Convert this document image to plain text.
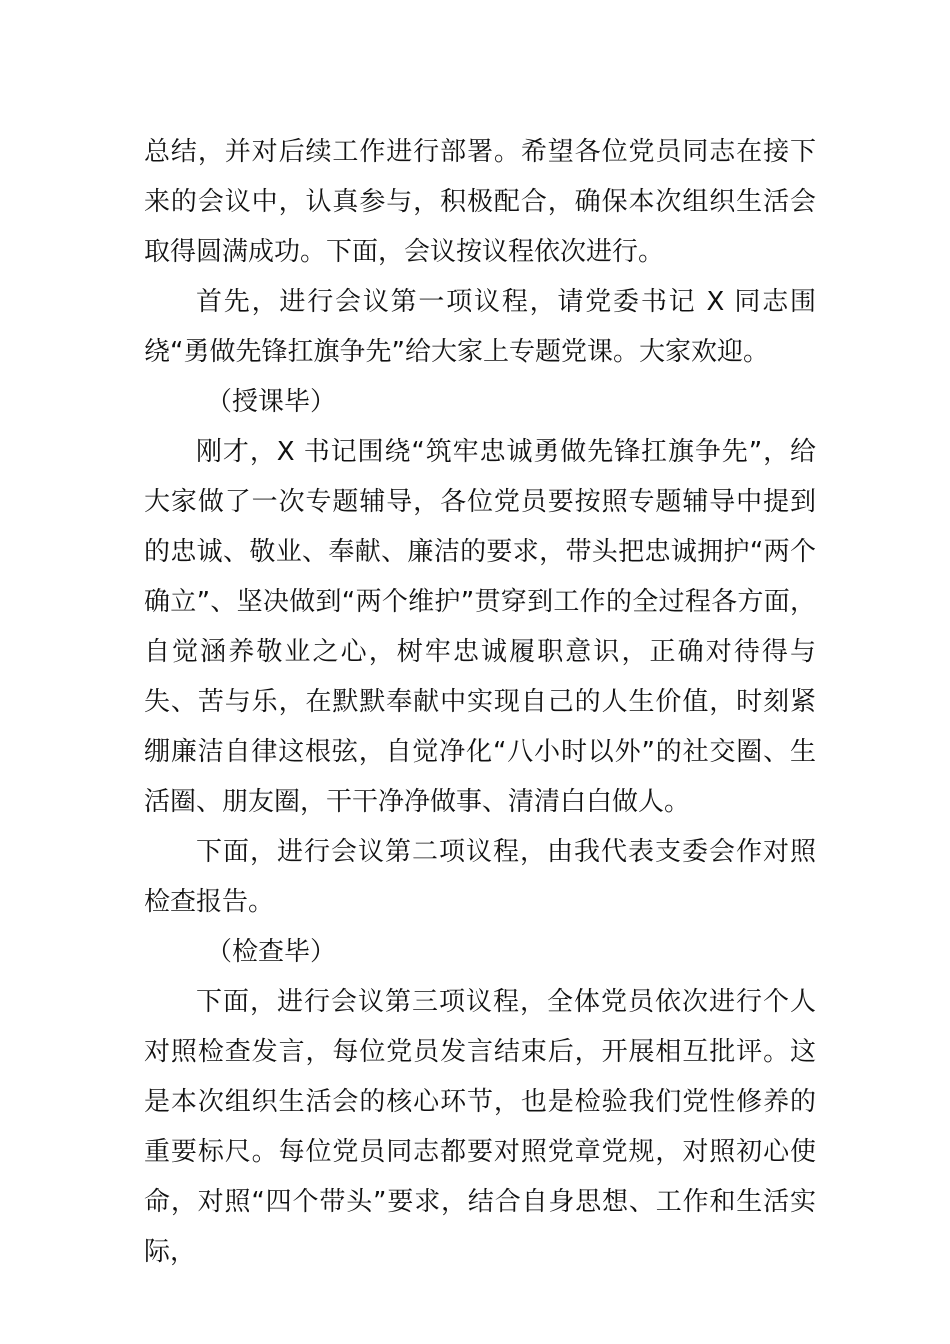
总结，并对后续工作进行部署。希望各位党员同志在接下来的会议中，认真参与，积极配合，确保本次组织生活会取得圆满成功。下面，会议按议程依次进行。

首先，进行会议第一项议程，请党委书记 X 同志围绕“勇做先锋扛旗争先”给大家上专题党课。大家欢迎。

（授课毕）

刚才，X 书记围绕“筑牢忠诚勇做先锋扛旗争先”，给大家做了一次专题辅导，各位党员要按照专题辅导中提到的忠诚、敬业、奉献、廉洁的要求，带头把忠诚拥护“两个确立”、坚决做到“两个维护”贯穿到工作的全过程各方面，自觉涵养敬业之心，树牢忠诚履职意识，正确对待得与失、苦与乐，在默默奉献中实现自己的人生价值，时刻紧绷廉洁自律这根弦，自觉净化“八小时以外”的社交圈、生活圈、朋友圈，干干净净做事、清清白白做人。

下面，进行会议第二项议程，由我代表支委会作对照检查报告。

（检查毕）

下面，进行会议第三项议程，全体党员依次进行个人对照检查发言，每位党员发言结束后，开展相互批评。这是本次组织生活会的核心环节，也是检验我们党性修养的重要标尺。每位党员同志都要对照党章党规，对照初心使命，对照“四个带头”要求，结合自身思想、工作和生活实际，
